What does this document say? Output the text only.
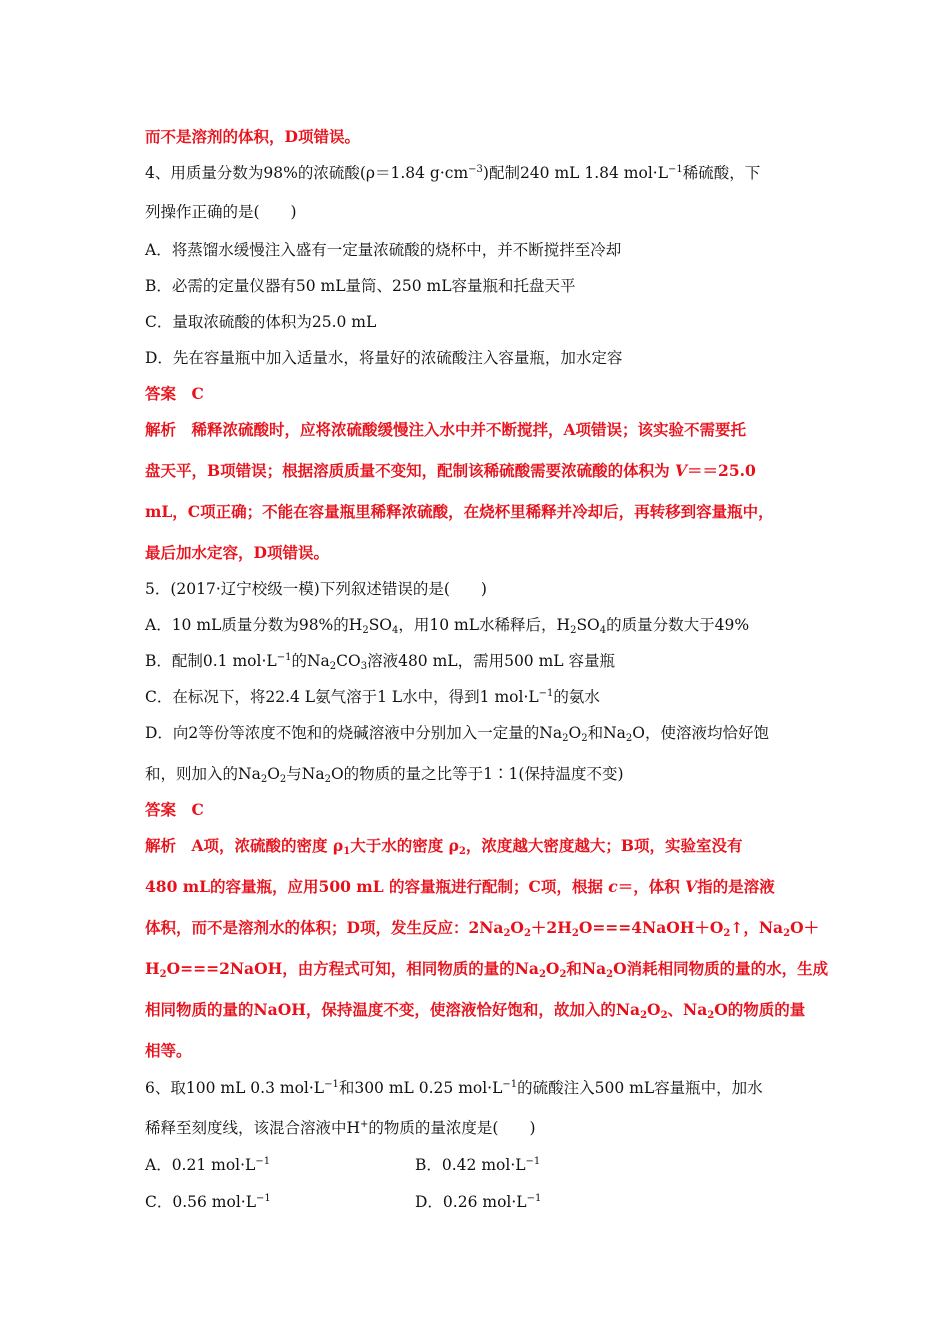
而不是溶剂的体积，D项错误。
4、用质量分数为98%的浓硫酸(ρ＝1.84 $g\cdot cm^{-3}$)配制240 mL 1.84 $mol\cdot L^{-1}$稀硫酸，下
列操作正确的是(　　)
A．将蒸馏水缓慢注入盛有一定量浓硫酸的烧杯中，并不断搅拌至冷却
B．必需的定量仪器有50 mL量筒、250 mL容量瓶和托盘天平
C．量取浓硫酸的体积为25.0 mL
D．先在容量瓶中加入适量水，将量好的浓硫酸注入容量瓶，加水定容
答案　C
解析　稀释浓硫酸时，应将浓硫酸缓慢注入水中并不断搅拌，A项错误；该实验不需要托
盘天平，B项错误；根据溶质质量不变知，配制该稀硫酸需要浓硫酸的体积为 V＝＝25.0
mL，C项正确；不能在容量瓶里稀释浓硫酸，在烧杯里稀释并冷却后，再转移到容量瓶中，
最后加水定容，D项错误。
5．(2017·辽宁校级一模)下列叙述错误的是(　　)
A．10 mL质量分数为98%的$H_2SO_4$，用10 mL水稀释后，$H_2SO_4$的质量分数大于49%
B．配制0.1 $mol\cdot L^{-1}$的$Na_2CO_3$溶液480 mL，需用500 mL 容量瓶
C．在标况下，将22.4 L氨气溶于1 L水中，得到1 $mol\cdot L^{-1}$的氨水
D．向2等份等浓度不饱和的烧碱溶液中分别加入一定量的$Na_2O_2$和$Na_2O$，使溶液均恰好饱
和，则加入的$Na_2O_2$与$Na_2O$的物质的量之比等于1∶1(保持温度不变)
答案　C
解析　A项，浓硫酸的密度 $\rho_1$大于水的密度 $\rho_2$，浓度越大密度越大；B项，实验室没有
480 mL的容量瓶，应用500 mL 的容量瓶进行配制；C项，根据 c＝，体积 V指的是溶液
体积，而不是溶剂水的体积；D项，发生反应：$2Na_2O_2+2H_2O===4NaOH+O_2↑$，$Na_2O+$
$H_2O===2NaOH$，由方程式可知，相同物质的量的$Na_2O_2$和$Na_2O$消耗相同物质的量的水，生成
相同物质的量的NaOH，保持温度不变，使溶液恰好饱和，故加入的$Na_2O_2$、$Na_2O$的物质的量
相等。
6、取100 mL 0.3 $mol\cdot L^{-1}$和300 mL 0.25 $mol\cdot L^{-1}$的硫酸注入500 mL容量瓶中，加水
稀释至刻度线，该混合溶液中H+的物质的量浓度是(　　)
A．0.21 $mol\cdot L^{-1}$	B．0.42 $mol\cdot L^{-1}$
C．0.56 $mol\cdot L^{-1}$	D．0.26 $mol\cdot L^{-1}$
